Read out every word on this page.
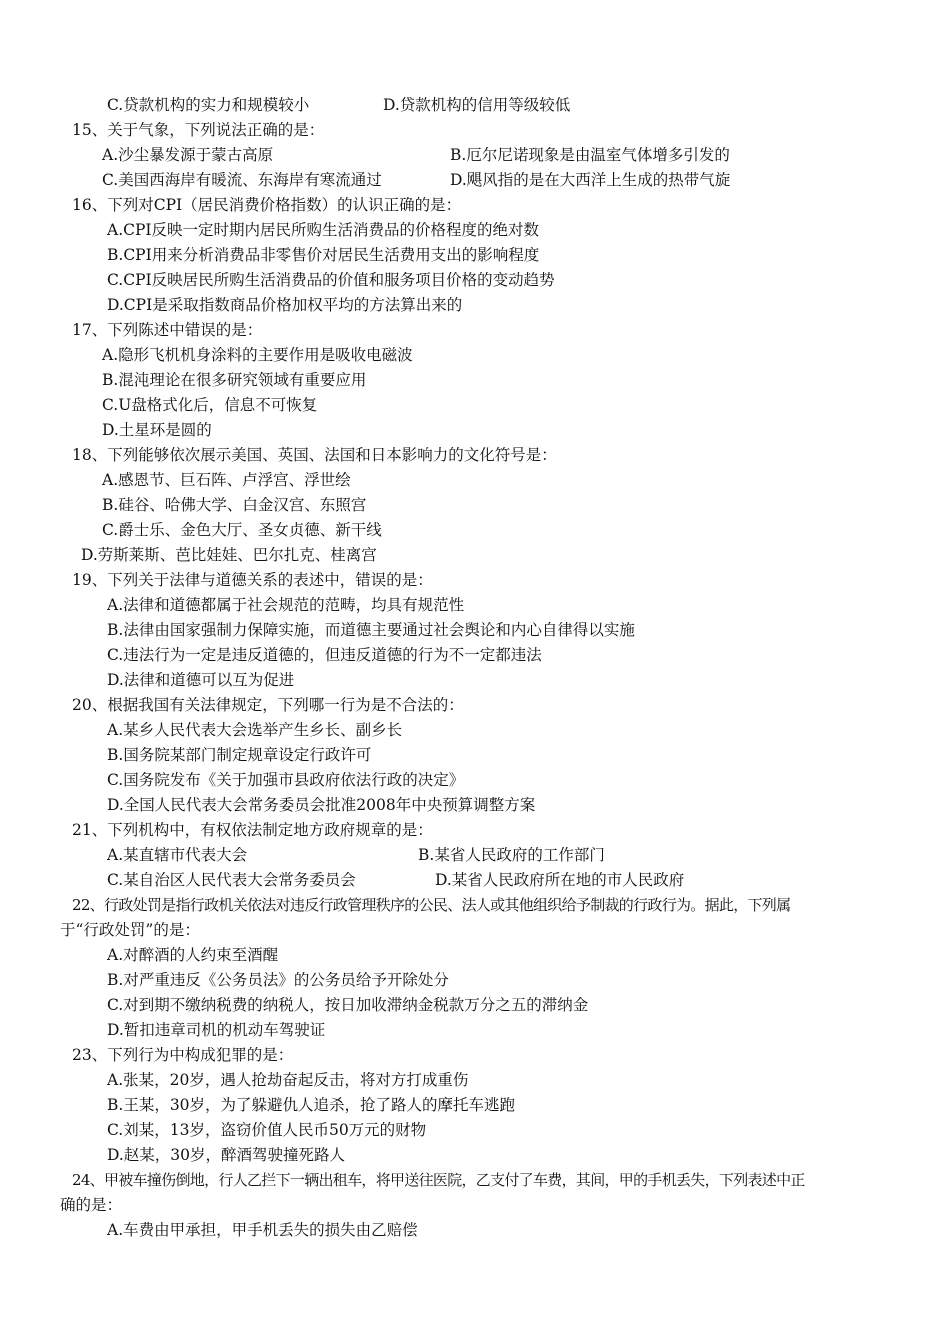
C.贷款机构的实力和规模较小	D.贷款机构的信用等级较低
15、关于气象，下列说法正确的是：
A.沙尘暴发源于蒙古高原	B.厄尔尼诺现象是由温室气体增多引发的
C.美国西海岸有暖流、东海岸有寒流通过	D.飓风指的是在大西洋上生成的热带气旋
16、下列对CPI（居民消费价格指数）的认识正确的是：
A.CPI反映一定时期内居民所购生活消费品的价格程度的绝对数
B.CPI用来分析消费品非零售价对居民生活费用支出的影响程度
C.CPI反映居民所购生活消费品的价值和服务项目价格的变动趋势
D.CPI是采取指数商品价格加权平均的方法算出来的
17、下列陈述中错误的是：
A.隐形飞机机身涂料的主要作用是吸收电磁波
B.混沌理论在很多研究领域有重要应用
C.U盘格式化后，信息不可恢复
D.土星环是圆的
18、下列能够依次展示美国、英国、法国和日本影响力的文化符号是：
A.感恩节、巨石阵、卢浮宫、浮世绘
B.硅谷、哈佛大学、白金汉宫、东照宫
C.爵士乐、金色大厅、圣女贞德、新干线
D.劳斯莱斯、芭比娃娃、巴尔扎克、桂离宫
19、下列关于法律与道德关系的表述中，错误的是：
A.法律和道德都属于社会规范的范畴，均具有规范性
B.法律由国家强制力保障实施，而道德主要通过社会舆论和内心自律得以实施
C.违法行为一定是违反道德的，但违反道德的行为不一定都违法
D.法律和道德可以互为促进
20、根据我国有关法律规定，下列哪一行为是不合法的：
A.某乡人民代表大会选举产生乡长、副乡长
B.国务院某部门制定规章设定行政许可
C.国务院发布《关于加强市县政府依法行政的决定》
D.全国人民代表大会常务委员会批准2008年中央预算调整方案
21、下列机构中，有权依法制定地方政府规章的是：
A.某直辖市代表大会	B.某省人民政府的工作部门
C.某自治区人民代表大会常务委员会	D.某省人民政府所在地的市人民政府
22、行政处罚是指行政机关依法对违反行政管理秩序的公民、法人或其他组织给予制裁的行政行为。据此，下列属
于“行政处罚”的是：
A.对醉酒的人约束至酒醒
B.对严重违反《公务员法》的公务员给予开除处分
C.对到期不缴纳税费的纳税人，按日加收滞纳金税款万分之五的滞纳金
D.暂扣违章司机的机动车驾驶证
23、下列行为中构成犯罪的是：
A.张某，20岁，遇人抢劫奋起反击，将对方打成重伤
B.王某，30岁，为了躲避仇人追杀，抢了路人的摩托车逃跑
C.刘某，13岁，盗窃价值人民币50万元的财物
D.赵某，30岁，醉酒驾驶撞死路人
24、甲被车撞伤倒地，行人乙拦下一辆出租车，将甲送往医院，乙支付了车费，其间，甲的手机丢失，下列表述中正
确的是：
A.车费由甲承担，甲手机丢失的损失由乙赔偿
